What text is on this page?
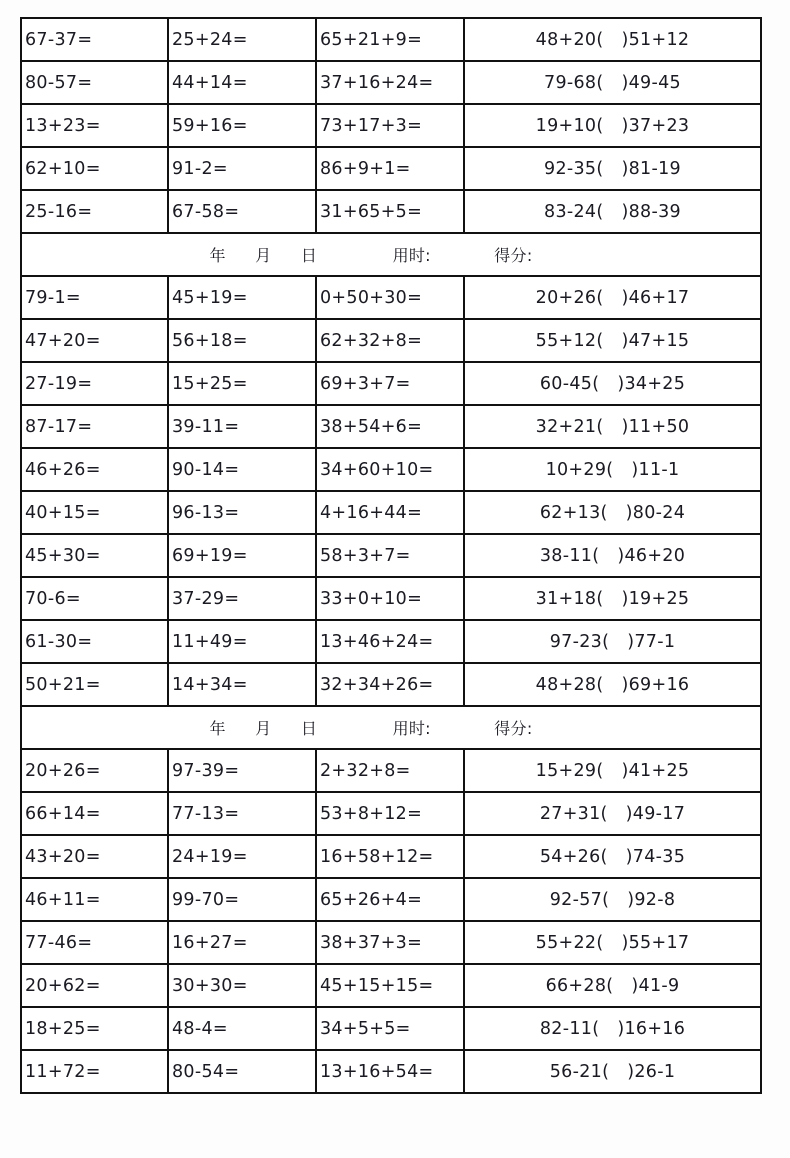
67-37=	25+24=	65+21+9=	48+20( )51+12
80-57=	44+14=	37+16+24=	79-68( )49-45
13+23=	59+16=	73+17+3=	19+10( )37+23
62+10=	91-2=	86+9+1=	92-35( )81-19
25-16=	67-58=	31+65+5=	83-24( )88-39
年 月 日 用时: 得分:			
79-1=	45+19=	0+50+30=	20+26( )46+17
47+20=	56+18=	62+32+8=	55+12( )47+15
27-19=	15+25=	69+3+7=	60-45( )34+25
87-17=	39-11=	38+54+6=	32+21( )11+50
46+26=	90-14=	34+60+10=	10+29( )11-1
40+15=	96-13=	4+16+44=	62+13( )80-24
45+30=	69+19=	58+3+7=	38-11( )46+20
70-6=	37-29=	33+0+10=	31+18( )19+25
61-30=	11+49=	13+46+24=	97-23( )77-1
50+21=	14+34=	32+34+26=	48+28( )69+16
年 月 日 用时: 得分:			
20+26=	97-39=	2+32+8=	15+29( )41+25
66+14=	77-13=	53+8+12=	27+31( )49-17
43+20=	24+19=	16+58+12=	54+26( )74-35
46+11=	99-70=	65+26+4=	92-57( )92-8
77-46=	16+27=	38+37+3=	55+22( )55+17
20+62=	30+30=	45+15+15=	66+28( )41-9
18+25=	48-4=	34+5+5=	82-11( )16+16
11+72=	80-54=	13+16+54=	56-21( )26-1
